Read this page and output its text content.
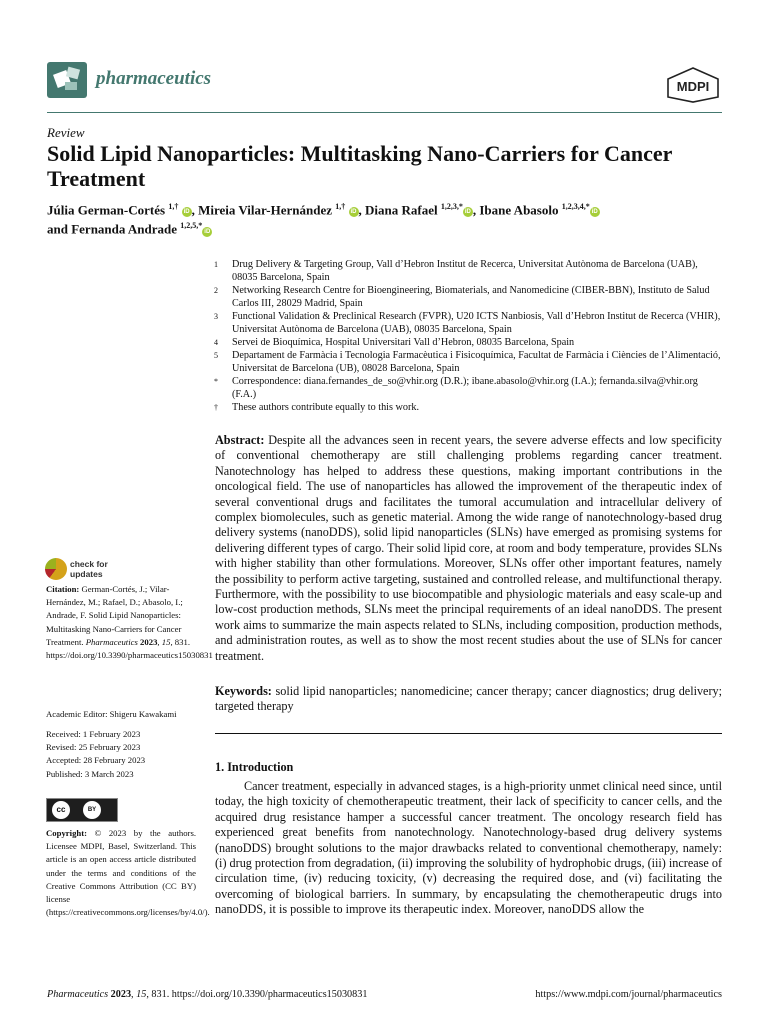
pharmaceutics	MDPI
Review
Solid Lipid Nanoparticles: Multitasking Nano-Carriers for Cancer Treatment
Júlia German-Cortés $^{1,\dagger}$ iD , Mireia Vilar-Hernández $^{1,\dagger}$ iD , Diana Rafael $^{1,2,3,*}$iD , Ibane Abasolo $^{1,2,3,4,*}$iD
and Fernanda Andrade $^{1,2,5,*}$iD
1	Drug Delivery & Targeting Group, Vall d’Hebron Institut de Recerca, Universitat Autònoma de Barcelona (UAB), 08035 Barcelona, Spain
2	Networking Research Centre for Bioengineering, Biomaterials, and Nanomedicine (CIBER-BBN), Instituto de Salud Carlos III, 28029 Madrid, Spain
3	Functional Validation & Preclinical Research (FVPR), U20 ICTS Nanbiosis, Vall d’Hebron Institut de Recerca (VHIR), Universitat Autònoma de Barcelona (UAB), 08035 Barcelona, Spain
4	Servei de Bioquímica, Hospital Universitari Vall d’Hebron, 08035 Barcelona, Spain
5	Departament de Farmàcia i Tecnologia Farmacèutica i Fisicoquímica, Facultat de Farmàcia i Ciències de l’Alimentació, Universitat de Barcelona (UB), 08028 Barcelona, Spain
*	Correspondence: diana.fernandes_de_so@vhir.org (D.R.); ibane.abasolo@vhir.org (I.A.); fernanda.silva@vhir.org (F.A.)
†	These authors contribute equally to this work.
Abstract: Despite all the advances seen in recent years, the severe adverse effects and low specificity of conventional chemotherapy are still challenging problems regarding cancer treatment. Nanotechnology has helped to address these questions, making important contributions in the oncological field. The use of nanoparticles has allowed the improvement of the therapeutic index of several conventional drugs and facilitates the tumoral accumulation and intracellular delivery of complex biomolecules, such as genetic material. Among the wide range of nanotechnology-based drug delivery systems (nanoDDS), solid lipid nanoparticles (SLNs) have emerged as promising systems for delivering different types of cargo. Their solid lipid core, at room and body temperature, provides SLNs with higher stability than other formulations. Moreover, SLNs offer other important features, namely the possibility to perform active targeting, sustained and controlled release, and multifunctional therapy. Furthermore, with the possibility to use biocompatible and physiologic materials and easy scale-up and low-cost production methods, SLNs meet the principal requirements of an ideal nanoDDS. The present work aims to summarize the main aspects related to SLNs, including composition, production methods, and administration routes, as well as to show the most recent studies about the use of SLNs for cancer treatment.
Keywords: solid lipid nanoparticles; nanomedicine; cancer therapy; cancer diagnostics; drug delivery; targeted therapy
1. Introduction
Cancer treatment, especially in advanced stages, is a high-priority unmet clinical need since, until today, the high toxicity of chemotherapeutic treatment, their lack of specificity to cancer cells, and the acquired drug resistance hamper a successful cancer treatment. The oncology research field has experienced great benefits from nanotechnology. Nanotechnology-based drug delivery systems (nanoDDS) brought solutions to the major drawbacks related to conventional chemotherapy, namely: (i) drug protection from degradation, (ii) improving the solubility of hydrophobic drugs, (iii) increase of circulation time, (iv) reducing toxicity, (v) decreasing the required dose, and (vi) facilitating the overcoming of biological barriers. In summary, by encapsulating the chemotherapeutic drugs into nanoDDS, it is possible to improve its therapeutic index. Moreover, nanoDDS allow the
check for
updates
Citation: German-Cortés, J.; Vilar-Hernández, M.; Rafael, D.; Abasolo, I.; Andrade, F. Solid Lipid Nanoparticles: Multitasking Nano-Carriers for Cancer Treatment. Pharmaceutics 2023, 15, 831. https://doi.org/10.3390/pharmaceutics15030831
Academic Editor: Shigeru Kawakami
Received: 1 February 2023
Revised: 25 February 2023
Accepted: 28 February 2023
Published: 3 March 2023
cc	BY
Copyright: © 2023 by the authors. Licensee MDPI, Basel, Switzerland. This article is an open access article distributed under the terms and conditions of the Creative Commons Attribution (CC BY) license (https://creativecommons.org/licenses/by/4.0/).
Pharmaceutics 2023, 15, 831. https://doi.org/10.3390/pharmaceutics15030831	https://www.mdpi.com/journal/pharmaceutics
